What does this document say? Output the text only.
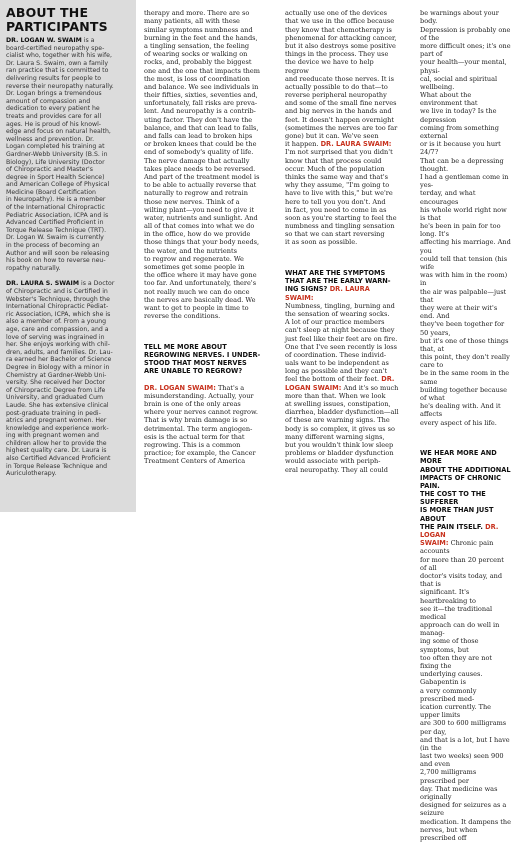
ABOUT THE
PARTICIPANTS

DR. LOGAN W. SWAIM is a
board-certified neuropathy spe-
cialist who, together with his wife,
Dr. Laura S. Swaim, own a family
ran practice that is committed to
delivering results for people to
reverse their neuropathy naturally.
Dr. Logan brings a tremendous
amount of compassion and
dedication to every patient he
treats and provides care for all
ages. He is proud of his knowl-
edge and focus on natural health,
wellness and prevention. Dr.
Logan completed his training at
Gardner-Webb University (B.S. in
Biology), Life University (Doctor
of Chiropractic and Master's
degree in Sport Health Science)
and American College of Physical
Medicine (Board Certification
in Neuropathy). He is a member
of the International Chiropractic
Pediatric Association, ICPA and is
Advanced Certified Proficient in
Torque Release Technique (TRT).
Dr. Logan W. Swaim is currently
in the process of becoming an
Author and will soon be releasing
his book on how to reverse neu-
ropathy naturally.

DR. LAURA S. SWAIM is a Doctor
of Chiropractic and is Certified in
Webster's Technique, through the
International Chiropractic Pediat-
ric Association, ICPA, which she is
also a member of. From a young
age, care and compassion, and a
love of serving was ingrained in
her. She enjoys working with chil-
dren, adults, and families. Dr. Lau-
ra earned her Bachelor of Science
Degree in Biology with a minor in
Chemistry at Gardner-Webb Uni-
versity. She received her Doctor
of Chiropractic Degree from Life
University, and graduated Cum
Laude. She has extensive clinical
post-graduate training in pedi-
atrics and pregnant women. Her
knowledge and experience work-
ing with pregnant women and
children allow her to provide the
highest quality care. Dr. Laura is
also Certified Advanced Proficient
in Torque Release Technique and
Auriculotherapy.

therapy and more. There are so
many patients, all with these
similar symptoms numbness and
burning in the feet and the hands,
a tingling sensation, the feeling
of wearing socks or walking on
rocks, and, probably the biggest
one and the one that impacts them
the most, is loss of coordination
and balance. We see individuals in
their fifties, sixties, seventies and,
unfortunately, fall risks are preva-
lent. And neuropathy is a contrib-
uting factor. They don't have the
balance, and that can lead to falls,
and falls can lead to broken hips
or broken knees that could be the
end of somebody's quality of life.
The nerve damage that actually
takes place needs to be reversed.
And part of the treatment model is
to be able to actually reverse that
naturally to regrow and retrain
those new nerves. Think of a
wilting plant—you need to give it
water, nutrients and sunlight. And
all of that comes into what we do
in the office, how do we provide
those things that your body needs,
the water, and the nutrients
to regrow and regenerate. We
sometimes get some people in
the office where it may have gone
too far. And unfortunately, there's
not really much we can do once
the nerves are basically dead. We
want to get to people in time to
reverse the conditions.

TELL ME MORE ABOUT
REGROWING NERVES. I UNDER-
STOOD THAT MOST NERVES
ARE UNABLE TO REGROW?

DR. LOGAN SWAIM: That's a
misunderstanding. Actually, your
brain is one of the only areas
where your nerves cannot regrow.
That is why brain damage is so
detrimental. The term angiogen-
esis is the actual term for that
regrowing. This is a common
practice; for example, the Cancer
Treatment Centers of America

actually use one of the devices
that we use in the office because
they know that chemotherapy is
phenomenal for attacking cancer,
but it also destroys some positive
things in the process. They use
the device we have to help regrow
and reeducate those nerves. It is
actually possible to do that—to
reverse peripheral neuropathy
and some of the small fine nerves
and big nerves in the hands and
feet. It doesn't happen overnight
(sometimes the nerves are too far
gone) but it can. We've seen
it happen. DR. LAURA SWAIM:
I'm not surprised that you didn't
know that that process could
occur. Much of the population
thinks the same way and that's
why they assume, "I'm going to
have to live with this," but we're
here to tell you you don't. And
in fact, you need to come in as
soon as you're starting to feel the
numbness and tingling sensation
so that we can start reversing
it as soon as possible.

WHAT ARE THE SYMPTOMS
THAT ARE THE EARLY WARN-
ING SIGNS? DR. LAURA SWAIM:
Numbness, tingling, burning and
the sensation of wearing socks.
A lot of our practice members
can't sleep at night because they
just feel like their feet are on fire.
One that I've seen recently is loss
of coordination. These individ-
uals want to be independent as
long as possible and they can't
feel the bottom of their feet. DR. LOGAN SWAIM: And it's so much
more than that. When we look
at swelling issues, constipation,
diarrhea, bladder dysfunction—all
of these are warning signs. The
body is so complex, it gives us so
many different warning signs,
but you wouldn't think low sleep
problems or bladder dysfunction
would associate with periph-
eral neuropathy. They all could

be warnings about your body.
Depression is probably one of the
more difficult ones; it's one part of
your health—your mental, physi-
cal, social and spiritual wellbeing.
What about the environment that
we live in today? Is the depression
coming from something external
or is it because you hurt 24/7?
That can be a depressing thought.
I had a gentleman come in yes-
terday, and what encourages
his whole world right now is that
he's been in pain for too long. It's
affecting his marriage. And you
could tell that tension (his wife
was with him in the room) in
the air was palpable—just that
they were at their wit's end. And
they've been together for 50 years,
but it's one of those things that, at
this point, they don't really care to
be in the same room in the same
building together because of what
he's dealing with. And it affects
every aspect of his life.

WE HEAR MORE AND MORE
ABOUT THE ADDITIONAL
IMPACTS OF CHRONIC PAIN.
THE COST TO THE SUFFERER
IS MORE THAN JUST ABOUT
THE PAIN ITSELF. DR. LOGAN
SWAIM: Chronic pain accounts
for more than 20 percent of all
doctor's visits today, and that is
significant. It's heartbreaking to
see it—the traditional medical
approach can do well in manag-
ing some of those symptoms, but
too often they are not fixing the
underlying causes. Gabapentin is
a very commonly prescribed med-
ication currently. The upper limits
are 300 to 600 milligrams per day,
and that is a lot, but I have (in the
last two weeks) seen 900 and even
2,700 milligrams prescribed per
day. That medicine was originally
designed for seizures as a seizure
medication. It dampens the
nerves, but when prescribed off
